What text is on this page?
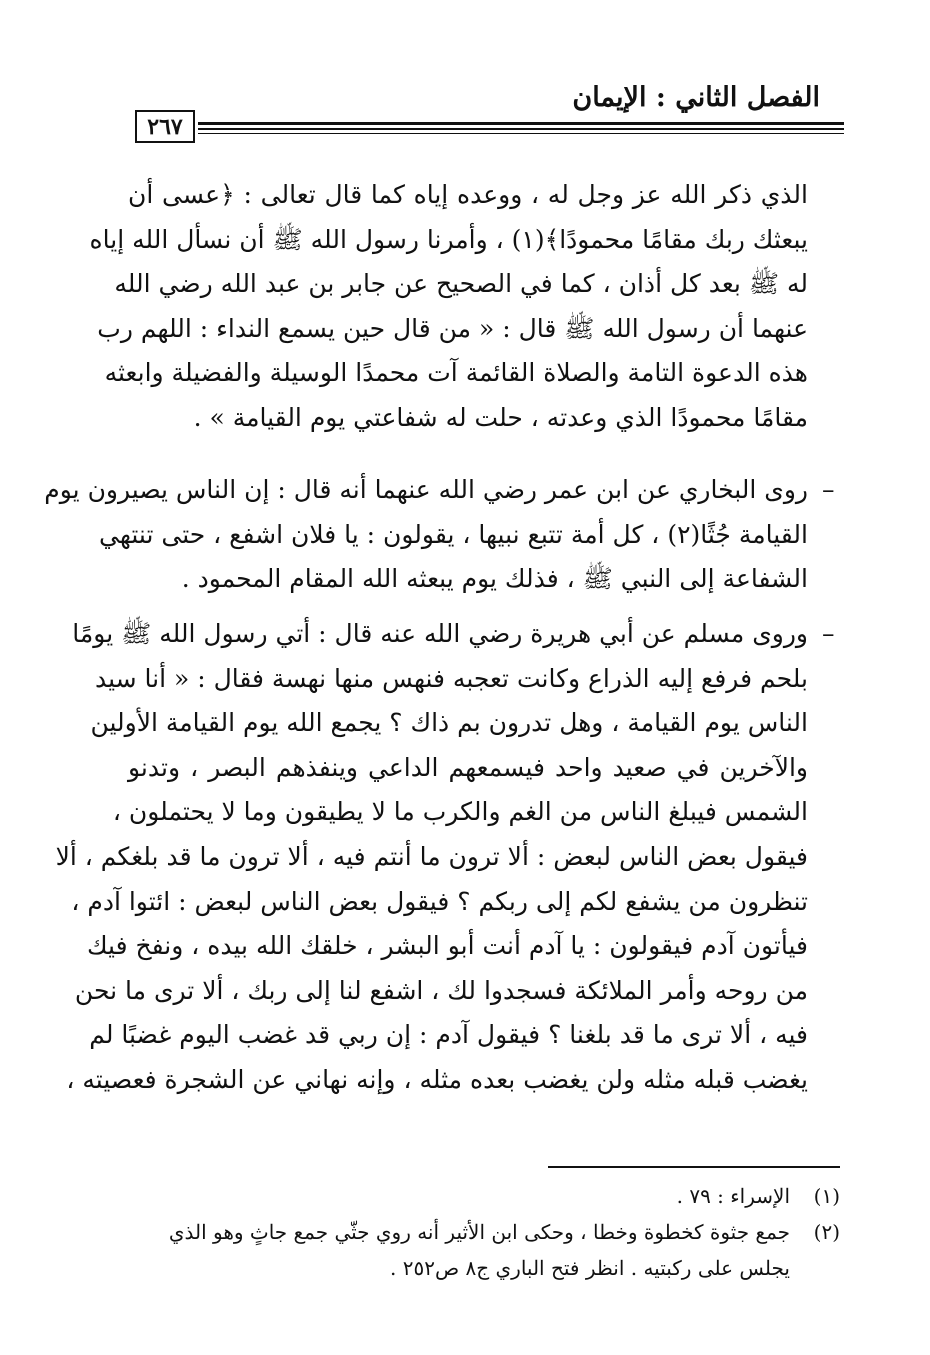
الفصل الثاني : الإيمان
٢٦٧
الذي ذكر الله عز وجل له ، ووعده إياه كما قال تعالى : ﴿عسى أن
يبعثك ربك مقامًا محمودًا﴾(١) ، وأمرنا رسول الله ﷺ أن نسأل الله إياه
له ﷺ بعد كل أذان ، كما في الصحيح عن جابر بن عبد الله رضي الله
عنهما أن رسول الله ﷺ قال : « من قال حين يسمع النداء : اللهم رب
هذه الدعوة التامة والصلاة القائمة آت محمدًا الوسيلة والفضيلة وابعثه
مقامًا محمودًا الذي وعدته ، حلت له شفاعتي يوم القيامة » .
–
روى البخاري عن ابن عمر رضي الله عنهما أنه قال : إن الناس يصيرون يوم
القيامة جُثًا(٢) ، كل أمة تتبع نبيها ، يقولون : يا فلان اشفع ، حتى تنتهي
الشفاعة إلى النبي ﷺ ، فذلك يوم يبعثه الله المقام المحمود .
–
وروى مسلم عن أبي هريرة رضي الله عنه قال : أتي رسول الله ﷺ يومًا
بلحم فرفع إليه الذراع وكانت تعجبه فنهس منها نهسة فقال : « أنا سيد
الناس يوم القيامة ، وهل تدرون بم ذاك ؟ يجمع الله يوم القيامة الأولين
والآخرين في صعيد واحد فيسمعهم الداعي وينفذهم البصر ، وتدنو
الشمس فيبلغ الناس من الغم والكرب ما لا يطيقون وما لا يحتملون ،
فيقول بعض الناس لبعض : ألا ترون ما أنتم فيه ، ألا ترون ما قد بلغكم ، ألا
تنظرون من يشفع لكم إلى ربكم ؟ فيقول بعض الناس لبعض : ائتوا آدم ،
فيأتون آدم فيقولون : يا آدم أنت أبو البشر ، خلقك الله بيده ، ونفخ فيك
من روحه وأمر الملائكة فسجدوا لك ، اشفع لنا إلى ربك ، ألا ترى ما نحن
فيه ، ألا ترى ما قد بلغنا ؟ فيقول آدم : إن ربي قد غضب اليوم غضبًا لم
يغضب قبله مثله ولن يغضب بعده مثله ، وإنه نهاني عن الشجرة فعصيته ،
(١)الإسراء : ٧٩ .
(٢)جمع جثوة كخطوة وخطا ، وحكى ابن الأثير أنه روي جثّي جمع جاثٍ وهو الذي
يجلس على ركبتيه . انظر فتح الباري ج٨ ص٢٥٢ .
